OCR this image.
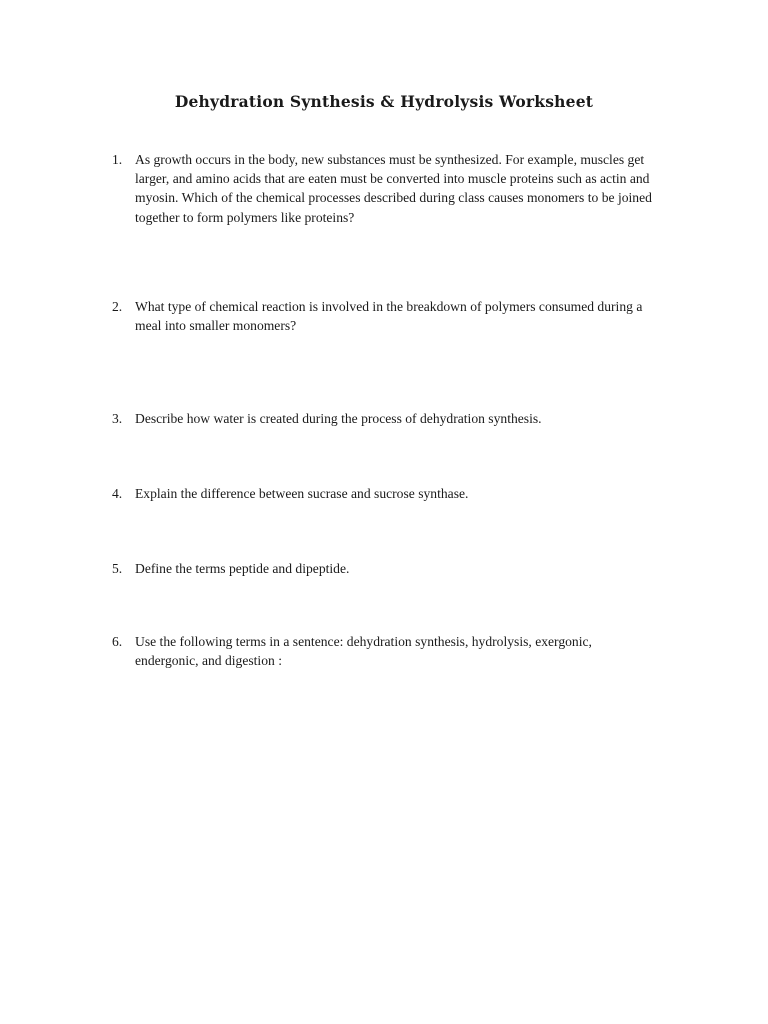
Dehydration Synthesis & Hydrolysis Worksheet
1. As growth occurs in the body, new substances must be synthesized. For example, muscles get larger, and amino acids that are eaten must be converted into muscle proteins such as actin and myosin. Which of the chemical processes described during class causes monomers to be joined together to form polymers like proteins?
2. What type of chemical reaction is involved in the breakdown of polymers consumed during a meal into smaller monomers?
3. Describe how water is created during the process of dehydration synthesis.
4. Explain the difference between sucrase and sucrose synthase.
5. Define the terms peptide and dipeptide.
6. Use the following terms in a sentence: dehydration synthesis, hydrolysis, exergonic, endergonic, and digestion :
